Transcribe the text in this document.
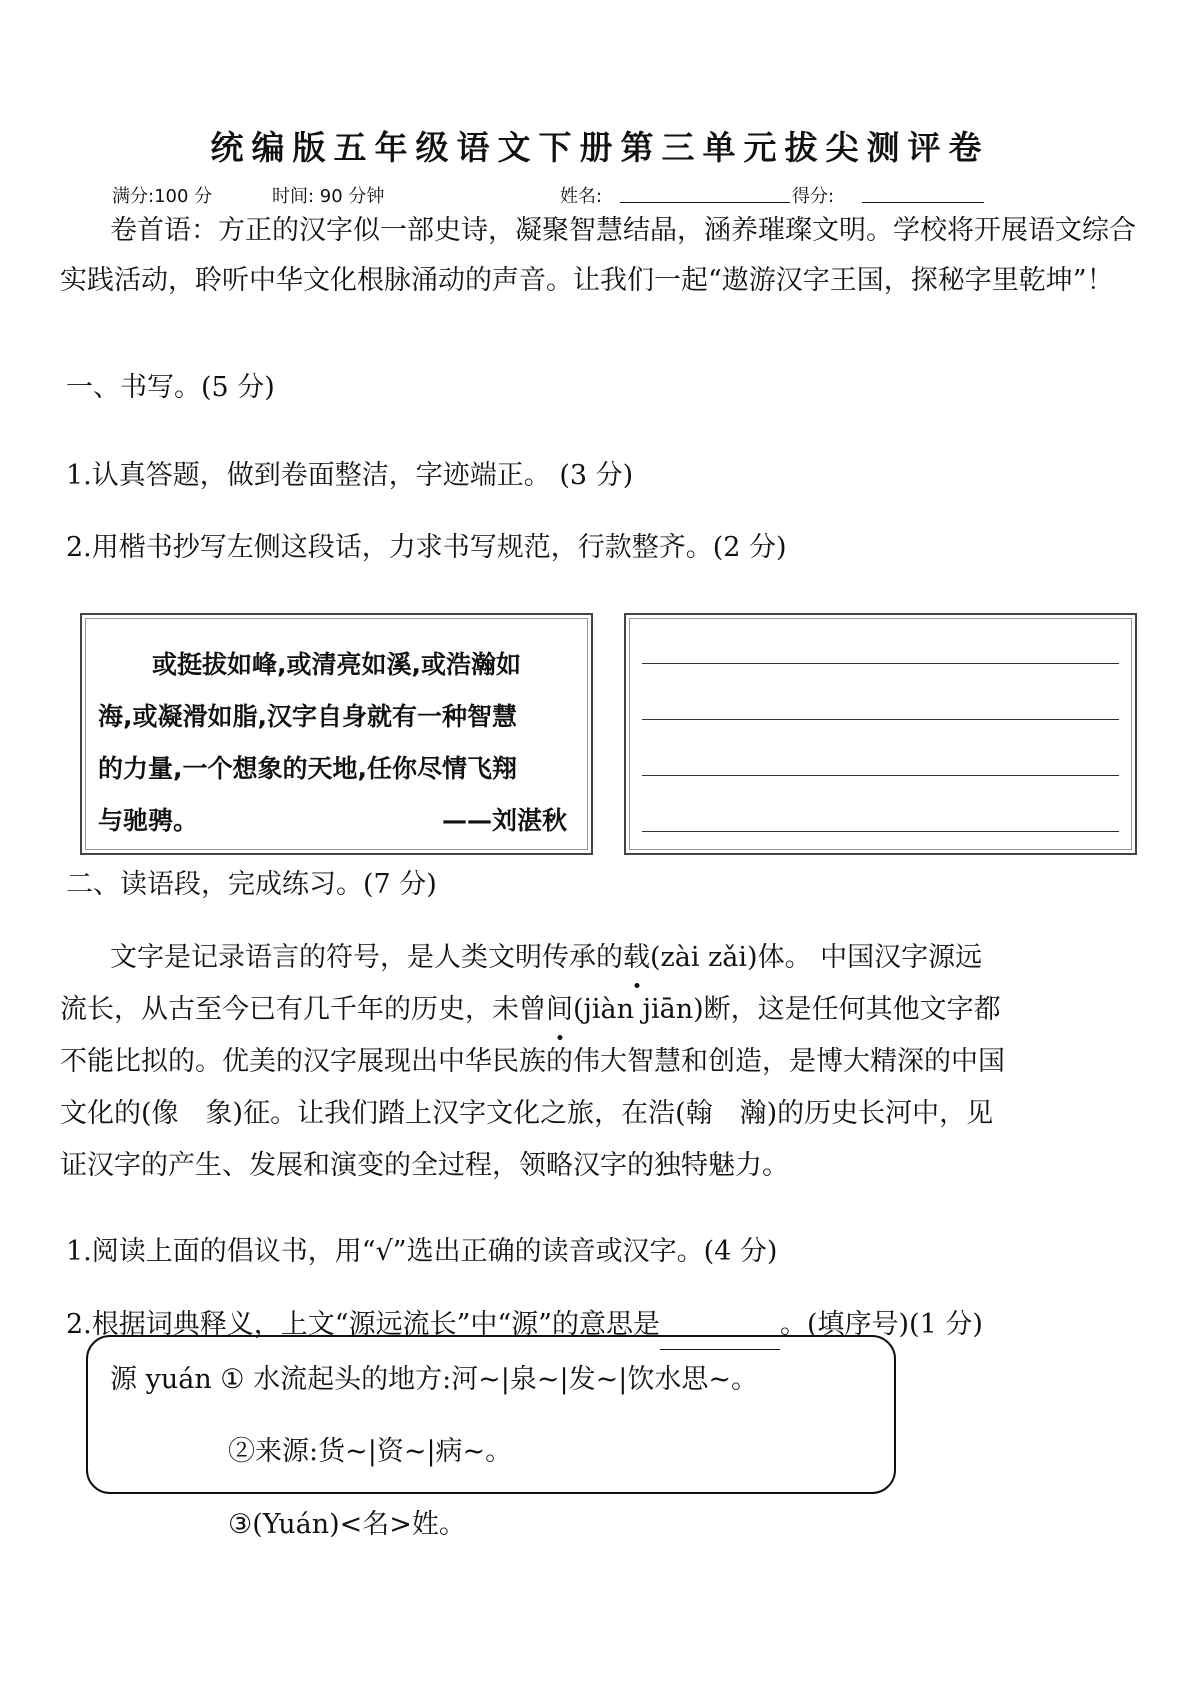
统编版五年级语文下册第三单元拔尖测评卷
满分:100 分	时间: 90 分钟	姓名:	得分:
卷首语：方正的汉字似一部史诗，凝聚智慧结晶，涵养璀璨文明。学校将开展语文综合实践活动，聆听中华文化根脉涌动的声音。让我们一起“遨游汉字王国，探秘字里乾坤”！
一、书写。(5 分)
1.认真答题，做到卷面整洁，字迹端正。 (3 分)
2.用楷书抄写左侧这段话，力求书写规范，行款整齐。(2 分)
或挺拔如峰,或清亮如溪,或浩瀚如
海,或凝滑如脂,汉字自身就有一种智慧
的力量,一个想象的天地,任你尽情飞翔
与驰骋。	——刘湛秋
二、读语段，完成练习。(7 分)
文字是记录语言的符号，是人类文明传承的载(zài zǎi)体。 中国汉字源远
流长，从古至今已有几千年的历史，未曾间(jiàn jiān)断，这是任何其他文字都
不能比拟的。优美的汉字展现出中华民族的伟大智慧和创造，是博大精深的中国
文化的(像　象)征。让我们踏上汉字文化之旅，在浩(翰　瀚)的历史长河中，见
证汉字的产生、发展和演变的全过程，领略汉字的独特魅力。
1.阅读上面的倡议书，用“√”选出正确的读音或汉字。(4 分)
2.根据词典释义，上文“源远流长”中“源”的意思是	。(填序号)(1 分)
源 yuán ① 水流起头的地方:河~|泉~|发~|饮水思~。
②来源:货~|资~|病~。
③(Yuán)<名>姓。
